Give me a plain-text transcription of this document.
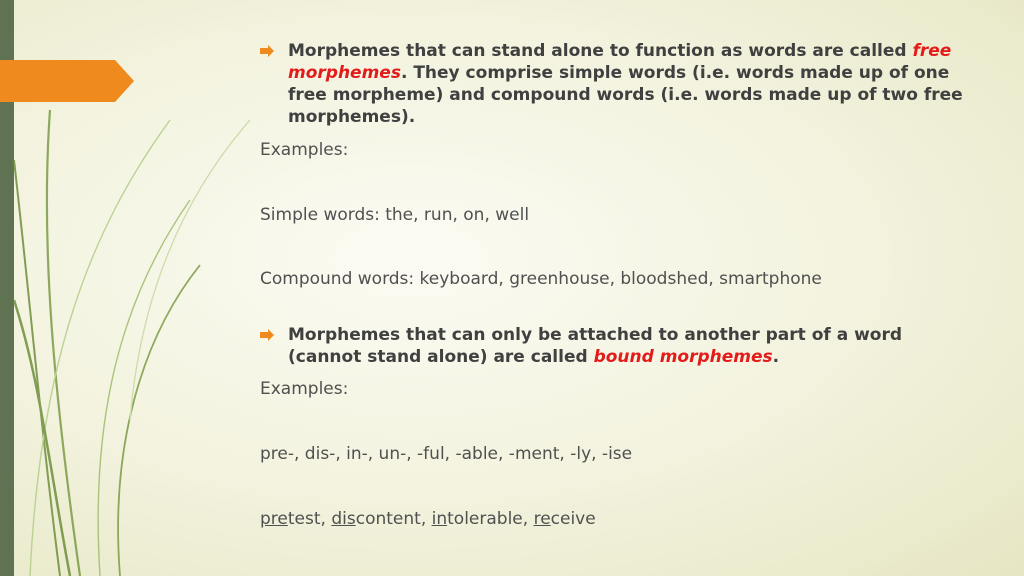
Morphemes that can stand alone to function as words are called free morphemes. They comprise simple words (i.e. words made up of one free morpheme) and compound words (i.e. words made up of two free morphemes).
Examples:
Simple words: the, run, on, well
Compound words: keyboard, greenhouse, bloodshed, smartphone
Morphemes that can only be attached to another part of a word (cannot stand alone) are called bound morphemes.
Examples:
pre-, dis-, in-, un-, -ful, -able, -ment, -ly, -ise
pretest, discontent, intolerable, receive
